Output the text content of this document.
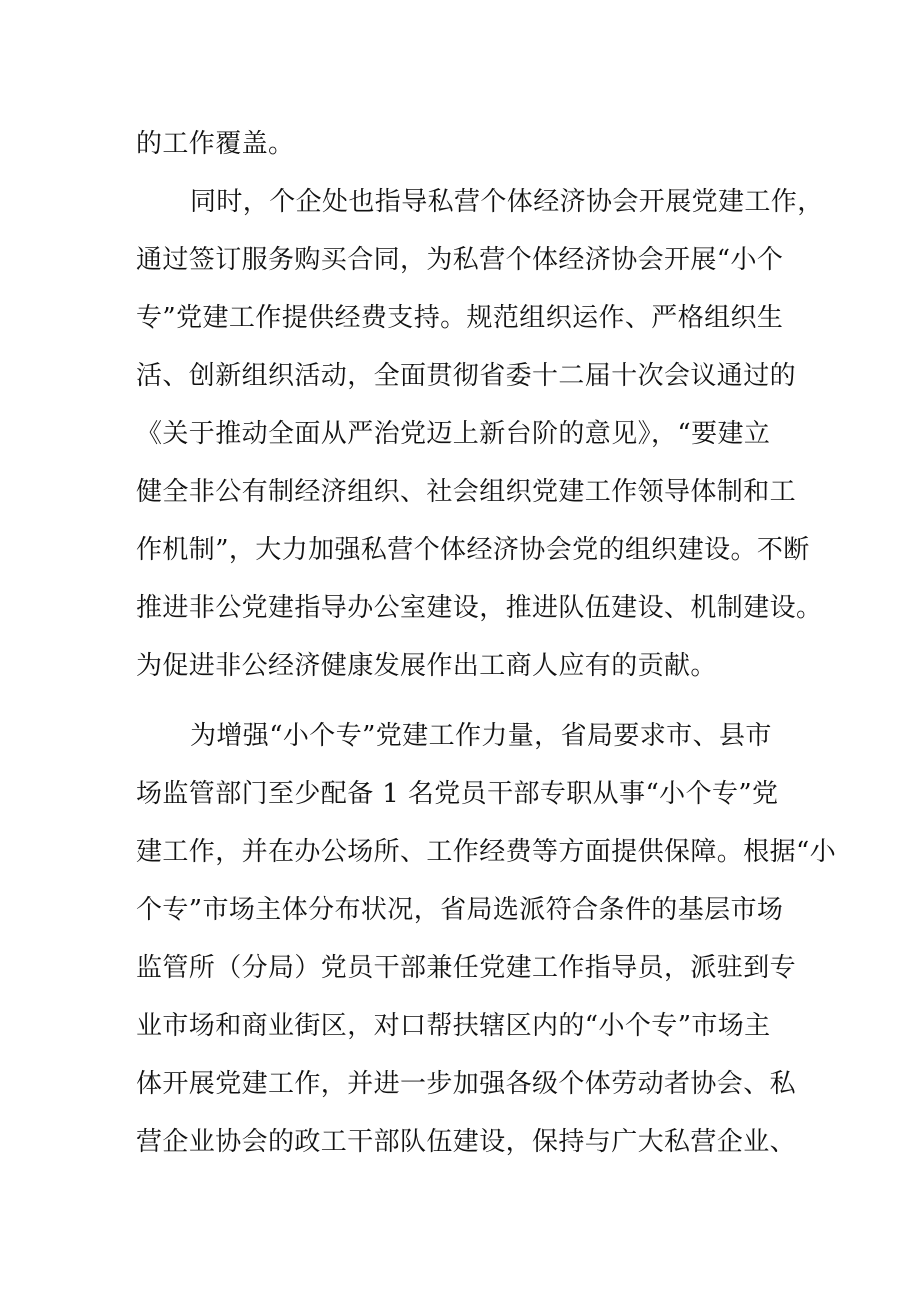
的工作覆盖。
同时，个企处也指导私营个体经济协会开展党建工作，
通过签订服务购买合同，为私营个体经济协会开展“小个
专”党建工作提供经费支持。规范组织运作、严格组织生
活、创新组织活动，全面贯彻省委十二届十次会议通过的
《关于推动全面从严治党迈上新台阶的意见》，“要建立
健全非公有制经济组织、社会组织党建工作领导体制和工
作机制”，大力加强私营个体经济协会党的组织建设。不断
推进非公党建指导办公室建设，推进队伍建设、机制建设。
为促进非公经济健康发展作出工商人应有的贡献。
为增强“小个专”党建工作力量，省局要求市、县市
场监管部门至少配备 1 名党员干部专职从事“小个专”党
建工作，并在办公场所、工作经费等方面提供保障。根据“小
个专”市场主体分布状况，省局选派符合条件的基层市场
监管所（分局）党员干部兼任党建工作指导员，派驻到专
业市场和商业街区，对口帮扶辖区内的“小个专”市场主
体开展党建工作，并进一步加强各级个体劳动者协会、私
营企业协会的政工干部队伍建设，保持与广大私营企业、
